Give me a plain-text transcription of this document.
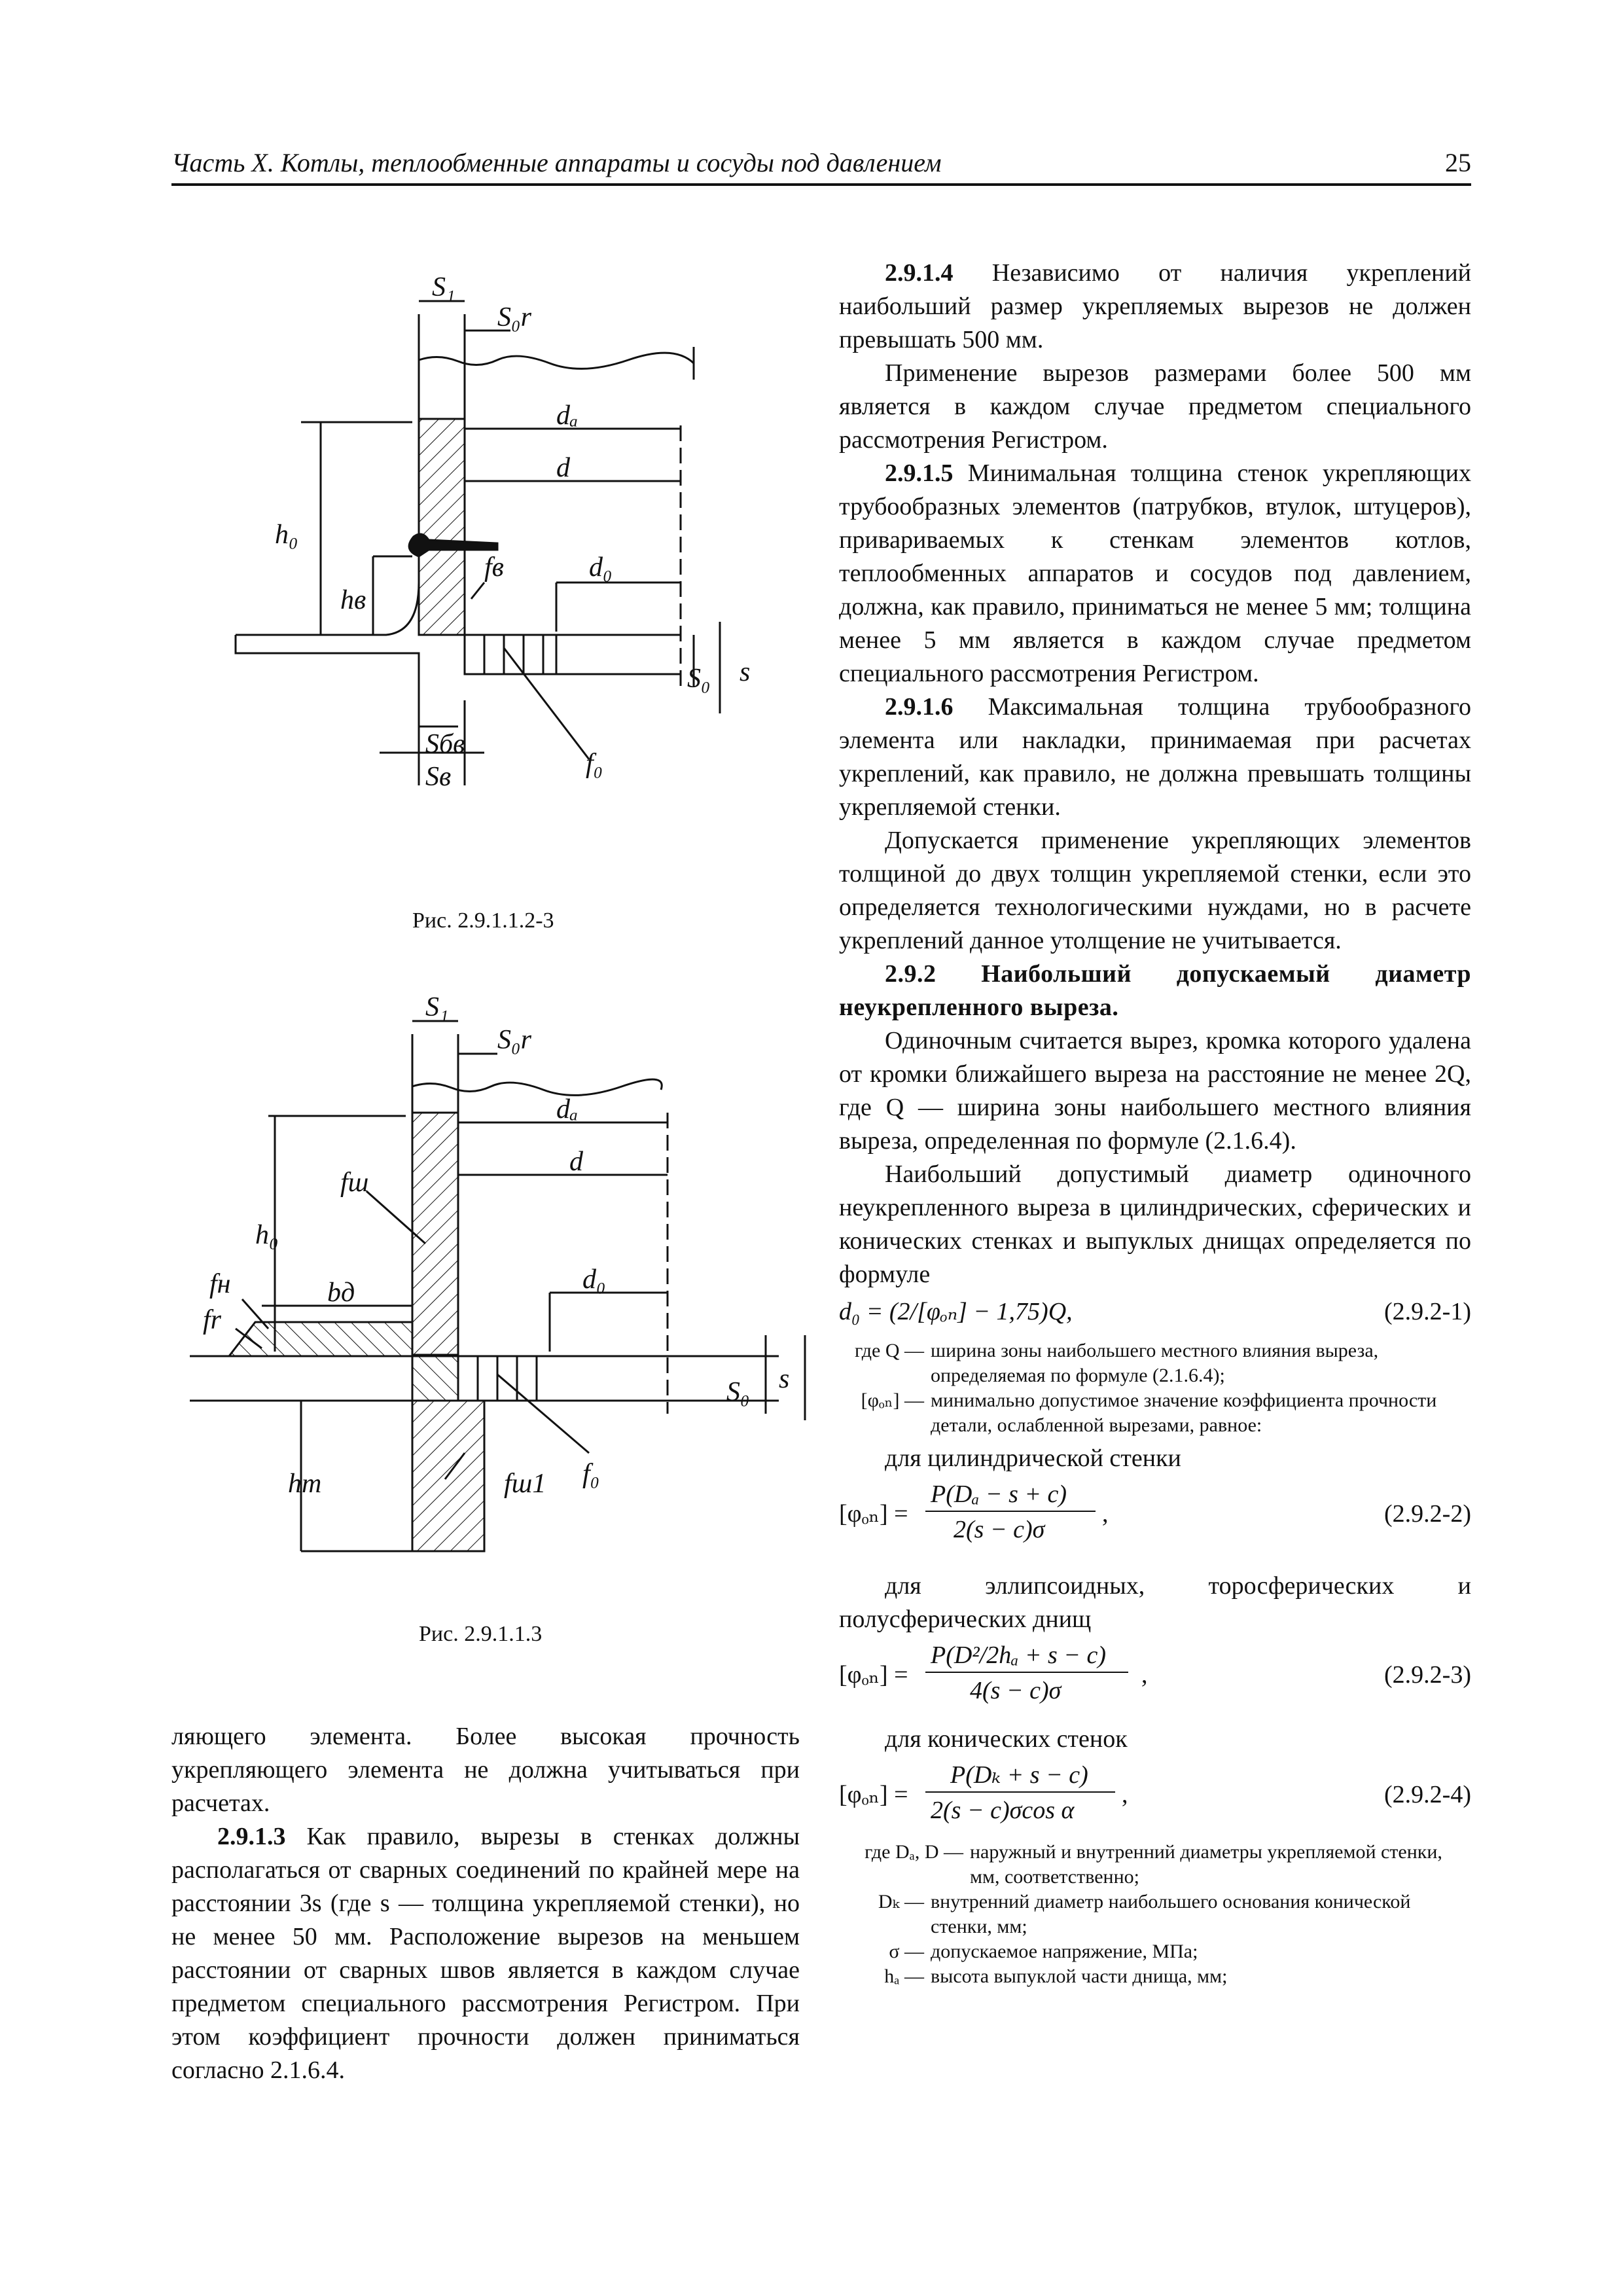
Часть X. Котлы, теплообменные аппараты и сосуды под давлением	25
S₁
S₀r
dₐ
d
h₀
hв
fв	d₀
S₀ s
Sбв
Sв	f₀
Рис. 2.9.1.1.2-3
S₁
S₀r
dₐ
fш
d
h₀
fн	bд
fr
d₀
S₀ s
hт	fш1 f₀
Рис. 2.9.1.1.3

ляющего элемента. Более высокая прочность укрепляющего элемента не должна учитываться при расчетах.

2.9.1.3 Как правило, вырезы в стенках должны располагаться от сварных соединений по крайней мере на расстоянии 3s (где s — толщина укрепляемой стенки), но не менее 50 мм. Расположение вырезов на меньшем расстоянии от сварных швов является в каждом случае предметом специального рассмотрения Регистром. При этом коэффициент прочности должен приниматься согласно 2.1.6.4.

2.9.1.4 Независимо от наличия укреплений наибольший размер укрепляемых вырезов не должен превышать 500 мм.

Применение вырезов размерами более 500 мм является в каждом случае предметом специального рассмотрения Регистром.

2.9.1.5 Минимальная толщина стенок укрепляющих трубообразных элементов (патрубков, втулок, штуцеров), привариваемых к стенкам элементов котлов, теплообменных аппаратов и сосудов под давлением, должна, как правило, приниматься не менее 5 мм; толщина менее 5 мм является в каждом случае предметом специального рассмотрения Регистром.

2.9.1.6 Максимальная толщина трубообразного элемента или накладки, принимаемая при расчетах укреплений, как правило, не должна превышать толщины укрепляемой стенки.

Допускается применение укрепляющих элементов толщиной до двух толщин укрепляемой стенки, если это определяется технологическими нуждами, но в расчете укреплений данное утолщение не учитывается.

2.9.2 Наибольший допускаемый диаметр неукрепленного выреза.

Одиночным считается вырез, кромка которого удалена от кромки ближайшего выреза на расстояние не менее 2Q, где Q — ширина зоны наибольшего местного влияния выреза, определенная по формуле (2.1.6.4).

Наибольший допустимый диаметр одиночного неукрепленного выреза в цилиндрических, сферических и конических стенках и выпуклых днищах определяется по формуле

d₀ = (2/[φₒₙ] − 1,75)Q,	(2.9.2-1)
где Q — ширина зоны наибольшего местного влияния выреза, определяемая по формуле (2.1.6.4);
[φₒₙ] — минимально допустимое значение коэффициента прочности детали, ослабленной вырезами, равное:

для цилиндрической стенки

[φₒₙ] =
P(Dₐ − s + c)
2(s − c)σ
,	(2.9.2-2)

для эллипсоидных, торосферических и полусферических днищ

[φₒₙ] =
P(D²/2hₐ + s − c)
4(s − c)σ
,	(2.9.2-3)

для конических стенок

[φₒₙ] =
P(Dₖ + s − c)
2(s − c)σcos α
,	(2.9.2-4)
где Dₐ, D — наружный и внутренний диаметры укрепляемой стенки, мм, соответственно;
Dₖ — внутренний диаметр наибольшего основания конической стенки, мм;
σ — допускаемое напряжение, МПа;
hₐ — высота выпуклой части днища, мм;
